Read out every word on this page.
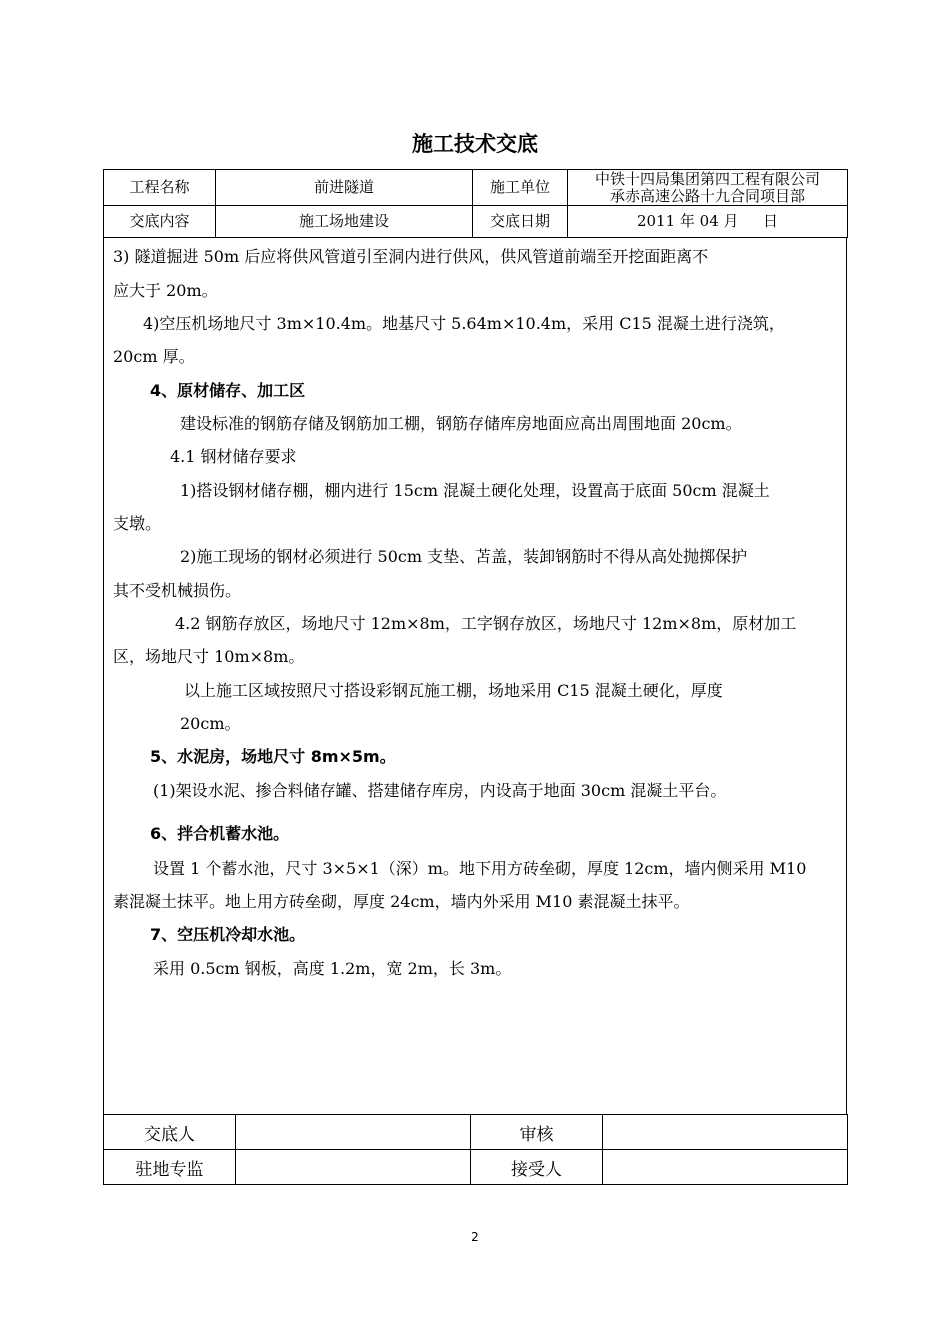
施工技术交底
工程名称	前进隧道	施工单位	中铁十四局集团第四工程有限公司
承赤高速公路十九合同项目部

交底内容	施工场地建设	交底日期	2011 年 04 月 　 日
3) 隧道掘进 50m 后应将供风管道引至洞内进行供风，供风管道前端至开挖面距离不
应大于 20m。
4)空压机场地尺寸 3m×10.4m。地基尺寸 5.64m×10.4m，采用 C15 混凝土进行浇筑，
20cm 厚。
4、原材储存、加工区
建设标准的钢筋存储及钢筋加工棚，钢筋存储库房地面应高出周围地面 20cm。
4.1 钢材储存要求
1)搭设钢材储存棚，棚内进行 15cm 混凝土硬化处理，设置高于底面 50cm 混凝土
支墩。
2)施工现场的钢材必须进行 50cm 支垫、苫盖，装卸钢筋时不得从高处抛掷保护
其不受机械损伤。
4.2 钢筋存放区，场地尺寸 12m×8m，工字钢存放区，场地尺寸 12m×8m，原材加工
区，场地尺寸 10m×8m。
以上施工区域按照尺寸搭设彩钢瓦施工棚，场地采用 C15 混凝土硬化，厚度
20cm。
5、水泥房，场地尺寸 8m×5m。
(1)架设水泥、掺合料储存罐、搭建储存库房，内设高于地面 30cm 混凝土平台。
6、拌合机蓄水池。
设置 1 个蓄水池，尺寸 3×5×1（深）m。地下用方砖垒砌，厚度 12cm，墙内侧采用 M10
素混凝土抹平。地上用方砖垒砌，厚度 24cm，墙内外采用 M10 素混凝土抹平。
7、空压机冷却水池。
采用 0.5cm 钢板，高度 1.2m，宽 2m，长 3m。
交底人		审核	
驻地专监		接受人	
2
